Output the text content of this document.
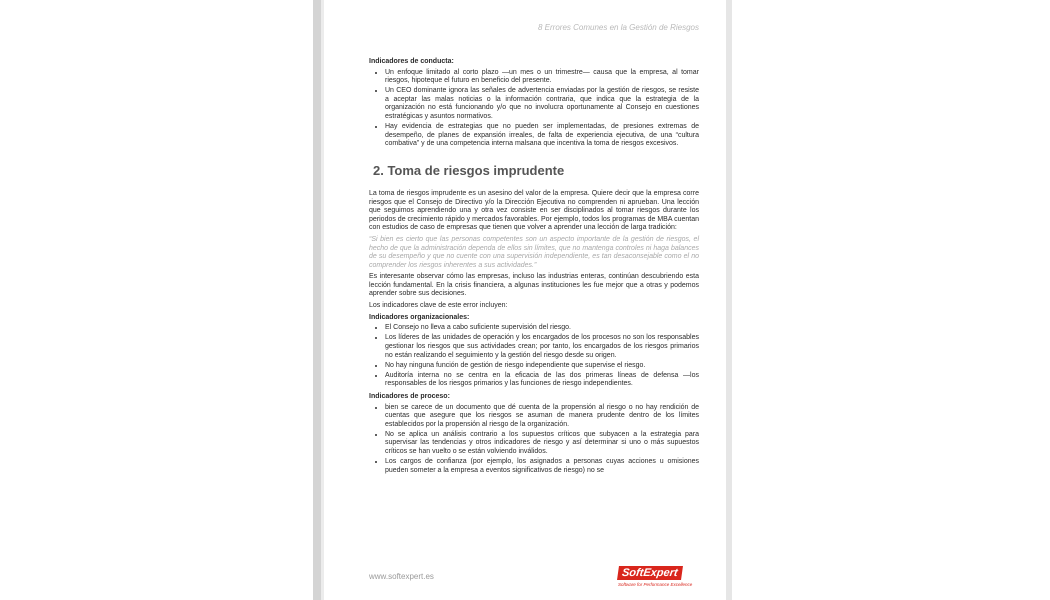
8 Errores Comunes en la Gestión de Riesgos
Indicadores de conducta:
• Un enfoque limitado al corto plazo —un mes o un trimestre— causa que la empresa, al tomar riesgos, hipoteque el futuro en beneficio del presente.
• Un CEO dominante ignora las señales de advertencia enviadas por la gestión de riesgos, se resiste a aceptar las malas noticias o la información contraria, que indica que la estrategia de la organización no está funcionando y/o que no involucra oportunamente al Consejo en cuestiones estratégicas y asuntos normativos.
• Hay evidencia de estrategias que no pueden ser implementadas, de presiones extremas de desempeño, de planes de expansión irreales, de falta de experiencia ejecutiva, de una “cultura combativa” y de una competencia interna malsana que incentiva la toma de riesgos excesivos.
2. Toma de riesgos imprudente

La toma de riesgos imprudente es un asesino del valor de la empresa. Quiere decir que la empresa corre riesgos que el Consejo de Directivo y/o la Dirección Ejecutiva no comprenden ni aprueban. Una lección que seguimos aprendiendo una y otra vez consiste en ser disciplinados al tomar riesgos durante los periodos de crecimiento rápido y mercados favorables. Por ejemplo, todos los programas de MBA cuentan con estudios de caso de empresas que tienen que volver a aprender una lección de larga tradición:

“Si bien es cierto que las personas competentes son un aspecto importante de la gestión de riesgos, el hecho de que la administración dependa de ellos sin límites, que no mantenga controles ni haga balances de su desempeño y que no cuente con una supervisión independiente, es tan desaconsejable como el no comprender los riesgos inherentes a sus actividades.”

Es interesante observar cómo las empresas, incluso las industrias enteras, continúan descubriendo esta lección fundamental. En la crisis financiera, a algunas instituciones les fue mejor que a otras y podemos aprender sobre sus decisiones.

Los indicadores clave de este error incluyen:

Indicadores organizacionales:
• El Consejo no lleva a cabo suficiente supervisión del riesgo.
• Los líderes de las unidades de operación y los encargados de los procesos no son los responsables gestionar los riesgos que sus actividades crean; por tanto, los encargados de los riesgos primarios no están realizando el seguimiento y la gestión del riesgo desde su origen.
• No hay ninguna función de gestión de riesgo independiente que supervise el riesgo.
• Auditoría interna no se centra en la eficacia de las dos primeras líneas de defensa —los responsables de los riesgos primarios y las funciones de riesgo independientes.
Indicadores de proceso:
• bien se carece de un documento que dé cuenta de la propensión al riesgo o no hay rendición de cuentas que asegure que los riesgos se asuman de manera prudente dentro de los límites establecidos por la propensión al riesgo de la organización.
• No se aplica un análisis contrario a los supuestos críticos que subyacen a la estrategia para supervisar las tendencias y otros indicadores de riesgo y así determinar si uno o más supuestos críticos se han vuelto o se están volviendo inválidos.
• Los cargos de confianza (por ejemplo, los asignados a personas cuyas acciones u omisiones pueden someter a la empresa a eventos significativos de riesgo) no se
www.softexpert.es	SoftExpert
Software for Performance Excellence
